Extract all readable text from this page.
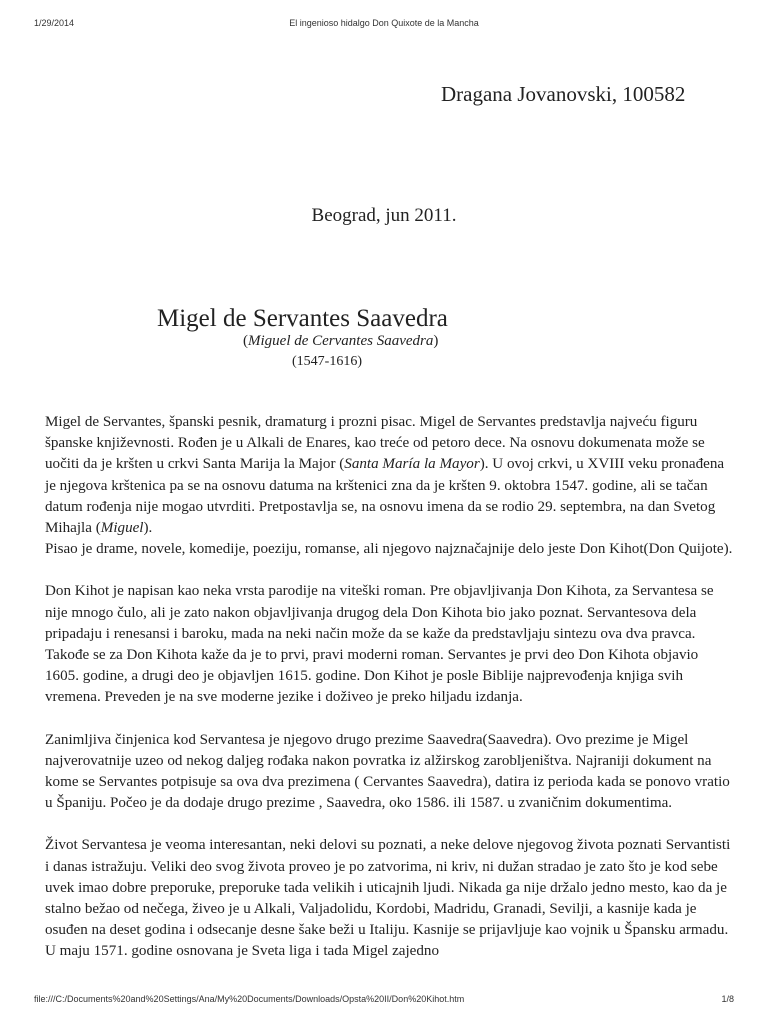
1/29/2014	El ingenioso hidalgo Don Quixote de la Mancha
Dragana Jovanovski, 100582
Beograd, jun 2011.
Migel de Servantes Saavedra
(Miguel de Cervantes Saavedra)
(1547-1616)

Migel de Servantes, španski pesnik, dramaturg i prozni pisac. Migel de Servantes predstavlja najveću figuru španske književnosti. Rođen je u Alkali de Enares, kao treće od petoro dece. Na osnovu dokumenata može se uočiti da je kršten u crkvi Santa Marija la Major (Santa María la Mayor). U ovoj crkvi, u XVIII veku pronađena je njegova krštenica pa se na osnovu datuma na krštenici zna da je kršten 9. oktobra 1547. godine, ali se tačan datum rođenja nije mogao utvrditi. Pretpostavlja se, na osnovu imena da se rodio 29. septembra, na dan Svetog Mihajla (Miguel).

Pisao je drame, novele, komedije, poeziju, romanse, ali njegovo najznačajnije delo jeste Don Kihot(Don Quijote).

Don Kihot je napisan kao neka vrsta parodije na viteški roman. Pre objavljivanja Don Kihota, za Servantesa se nije mnogo čulo, ali je zato nakon objavljivanja drugog dela Don Kihota bio jako poznat. Servantesova dela pripadaju i renesansi i baroku, mada na neki način može da se kaže da predstavljaju sintezu ova dva pravca. Takođe se za Don Kihota kaže da je to prvi, pravi moderni roman. Servantes je prvi deo Don Kihota objavio 1605. godine, a drugi deo je objavljen 1615. godine. Don Kihot je posle Biblije najprevođenja knjiga svih vremena. Preveden je na sve moderne jezike i doživeo je preko hiljadu izdanja.

Zanimljiva činjenica kod Servantesa je njegovo drugo prezime Saavedra(Saavedra). Ovo prezime je Migel najverovatnije uzeo od nekog daljeg rođaka nakon povratka iz alžirskog zarobljeništva. Najraniji dokument na kome se Servantes potpisuje sa ova dva prezimena ( Cervantes Saavedra), datira iz perioda kada se ponovo vratio u Španiju. Počeo je da dodaje drugo prezime , Saavedra, oko 1586. ili 1587. u zvaničnim dokumentima.

Život Servantesa je veoma interesantan, neki delovi su poznati, a neke delove njegovog života poznati Servantisti i danas istražuju. Veliki deo svog života proveo je po zatvorima, ni kriv, ni dužan stradao je zato što je kod sebe uvek imao dobre preporuke, preporuke tada velikih i uticajnih ljudi. Nikada ga nije držalo jedno mesto, kao da je stalno bežao od nečega, živeo je u Alkali, Valjadolidu, Kordobi, Madridu, Granadi, Sevilji, a kasnije kada je osuđen na deset godina i odsecanje desne šake beži u Italiju. Kasnije se prijavljuje kao vojnik u Špansku armadu. U maju 1571. godine osnovana je Sveta liga i tada Migel zajedno

file:///C:/Documents%20and%20Settings/Ana/My%20Documents/Downloads/Opsta%20II/Don%20Kihot.htm	1/8
